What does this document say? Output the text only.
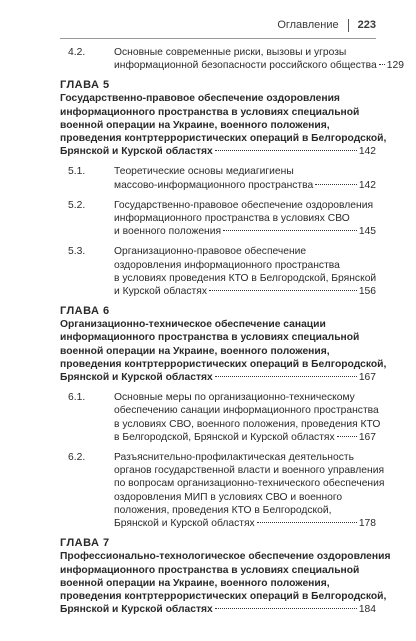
Оглавление 223
4.2.	Основные современные риски, вызовы и угрозы
информационной безопасности российского общества 129
ГЛАВА 5
Государственно-правовое обеспечение оздоровления
информационного пространства в условиях специальной
военной операции на Украине, военного положения,
проведения контртеррористических операций в Белгородской,
Брянской и Курской областях	142
5.1.	Теоретические основы медиагигиены
массово-информационного пространства	142
5.2.	Государственно-правовое обеспечение оздоровления
информационного пространства в условиях СВО
и военного положения	145
5.3.	Организационно-правовое обеспечение
оздоровления информационного пространства
в условиях проведения КТО в Белгородской, Брянской
и Курской областях	156
ГЛАВА 6
Организационно-техническое обеспечение санации
информационного пространства в условиях специальной
военной операции на Украине, военного положения,
проведения контртеррористических операций в Белгородской,
Брянской и Курской областях	167
6.1.	Основные меры по организационно-техническому
обеспечению санации информационного пространства
в условиях СВО, военного положения, проведения КТО
в Белгородской, Брянской и Курской областях 167
6.2.	Разъяснительно-профилактическая деятельность
органов государственной власти и военного управления
по вопросам организационно-технического обеспечения
оздоровления МИП в условиях СВО и военного
положения, проведения КТО в Белгородской,
Брянской и Курской областях	178
ГЛАВА 7
Профессионально-технологическое обеспечение оздоровления
информационного пространства в условиях специальной
военной операции на Украине, военного положения,
проведения контртеррористических операций в Белгородской,
Брянской и Курской областях	184
